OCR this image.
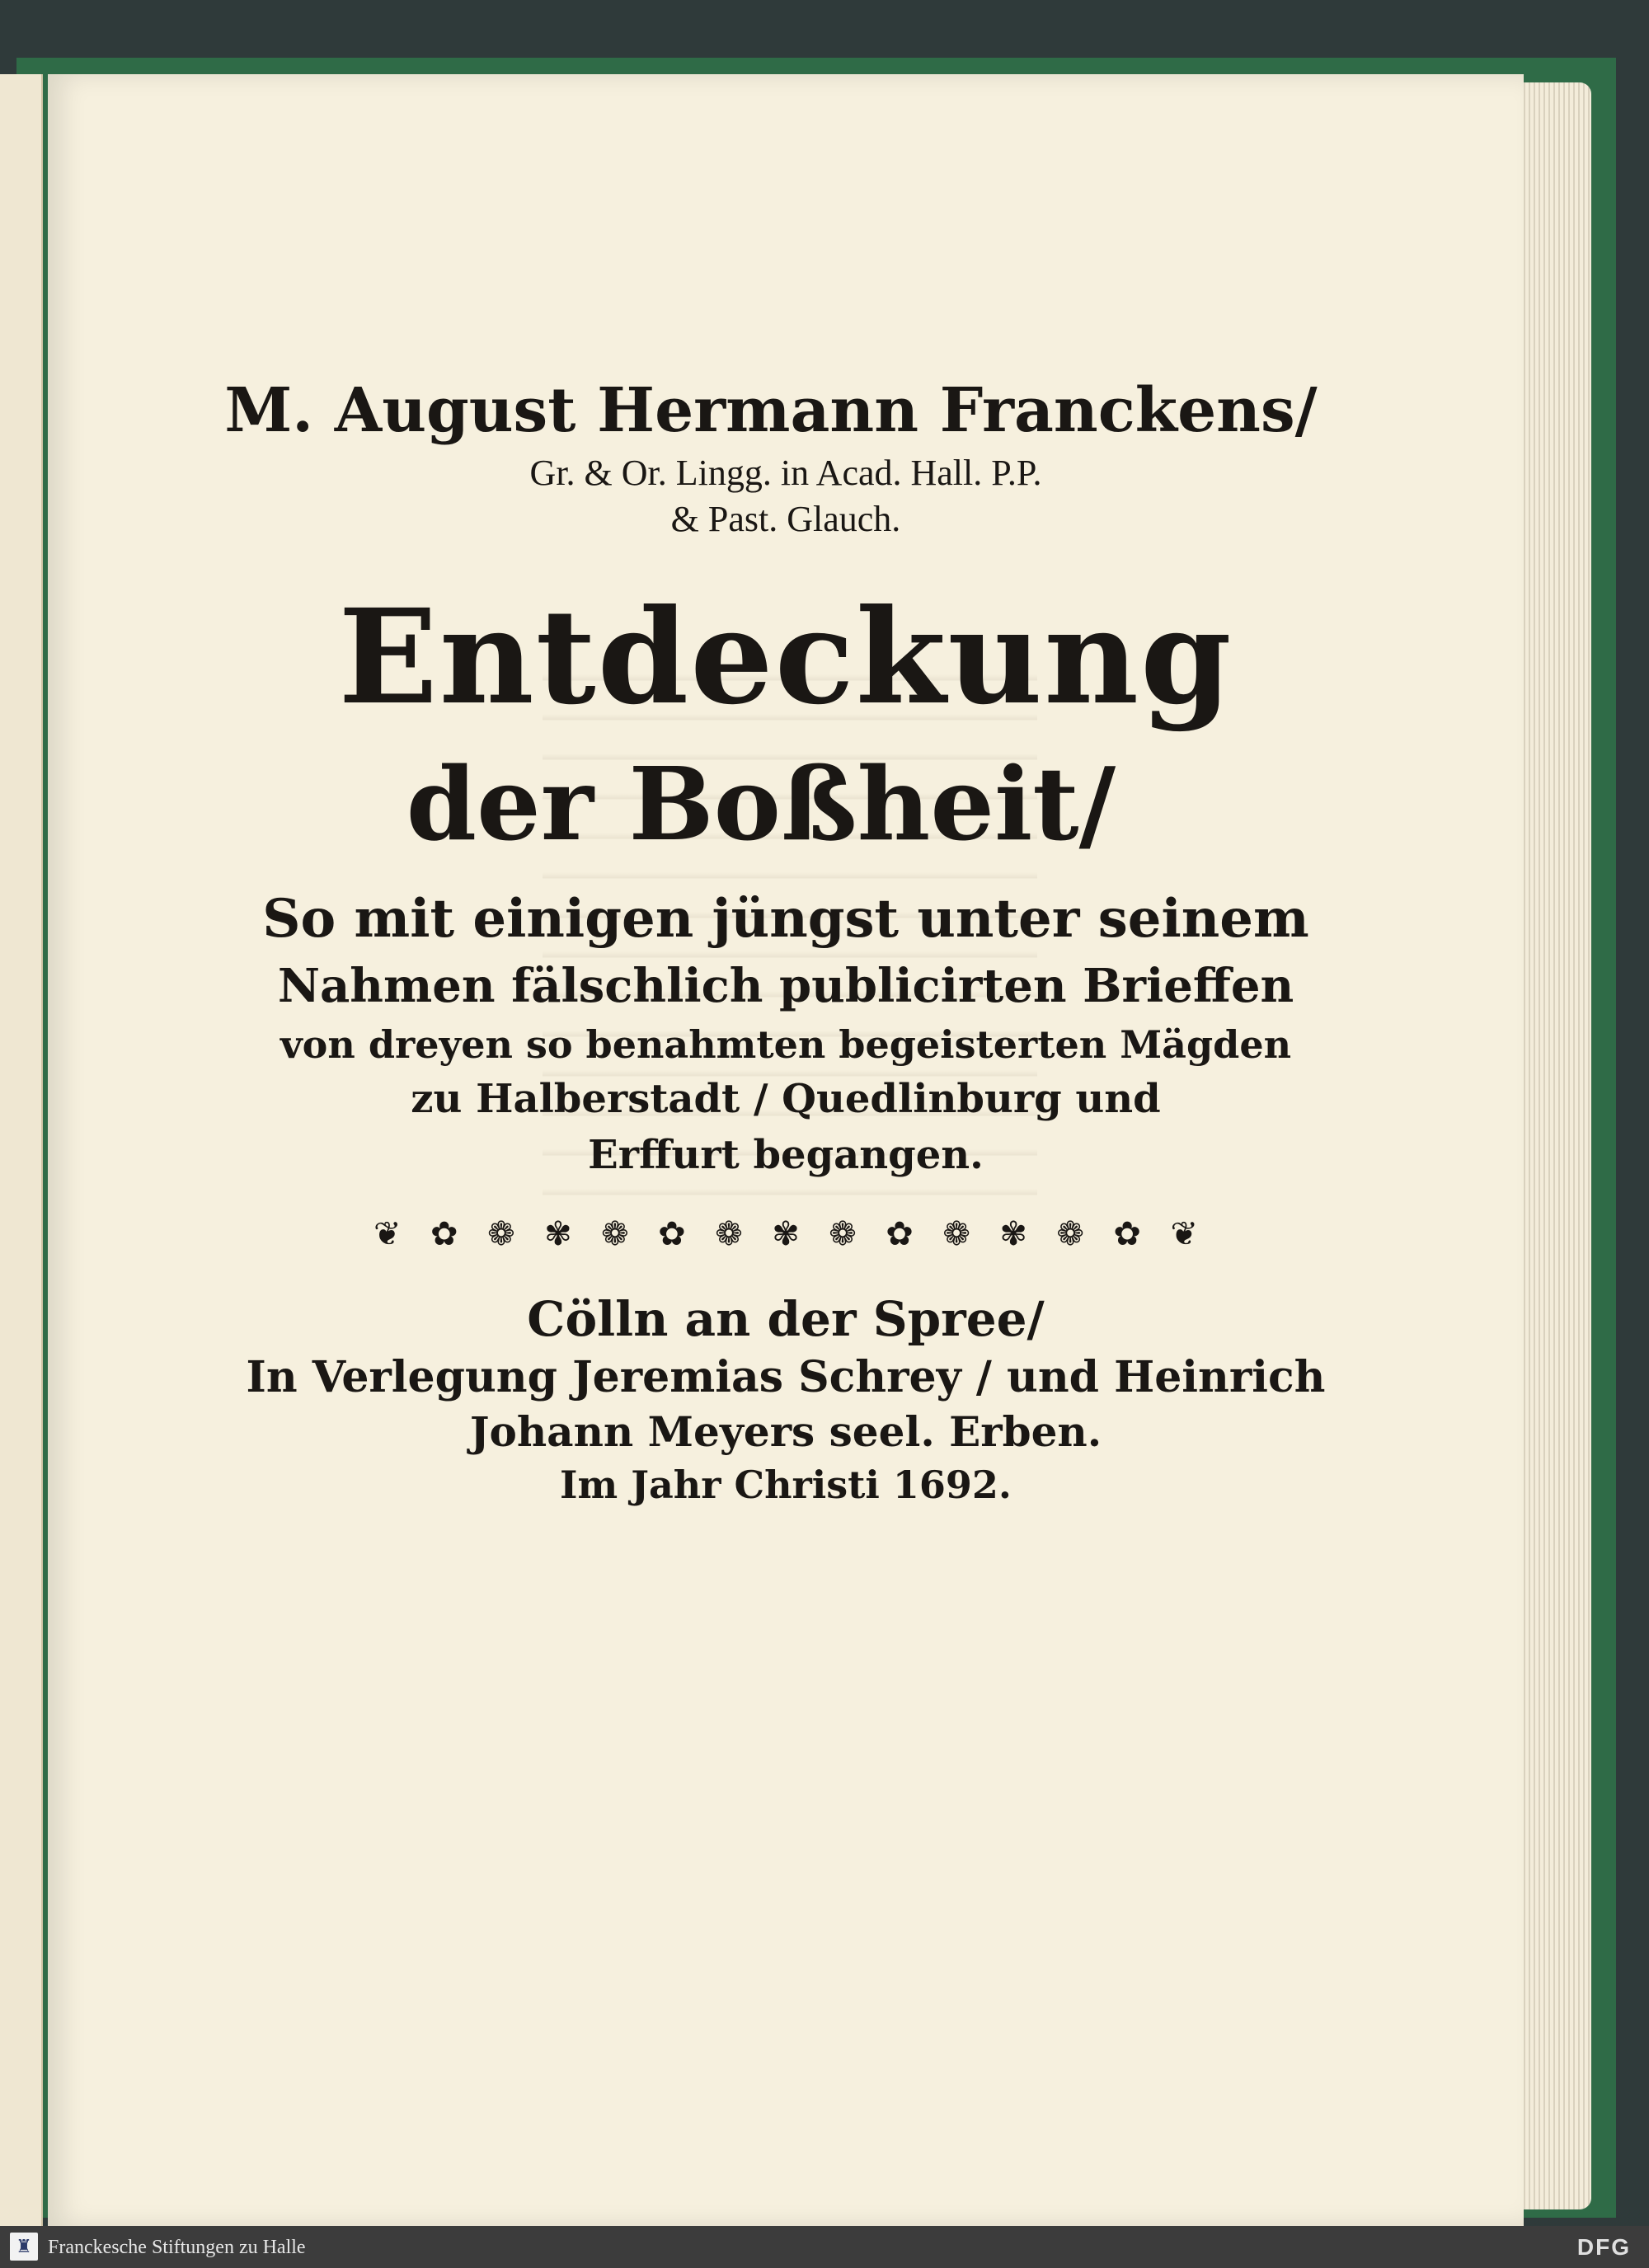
M. August Hermann Franckens/

Gr. & Or. Lingg. in Acad. Hall. P.P.

& Past. Glauch.

Entdeckung

der Boßheit/

So mit einigen jüngst unter seinem

Nahmen fälschlich publicirten Brieffen

von dreyen so benahmten begeisterten Mägden

zu Halberstadt / Quedlinburg und

Erffurt begangen.

❦ ✿ ❁ ✾ ❁ ✿ ❁ ✾ ❁ ✿ ❁ ✾ ❁ ✿ ❦

Cölln an der Spree/

In Verlegung Jeremias Schrey / und Heinrich

Johann Meyers seel. Erben.

Im Jahr Christi 1692.

♜ Franckesche Stiftungen zu Halle	DFG
